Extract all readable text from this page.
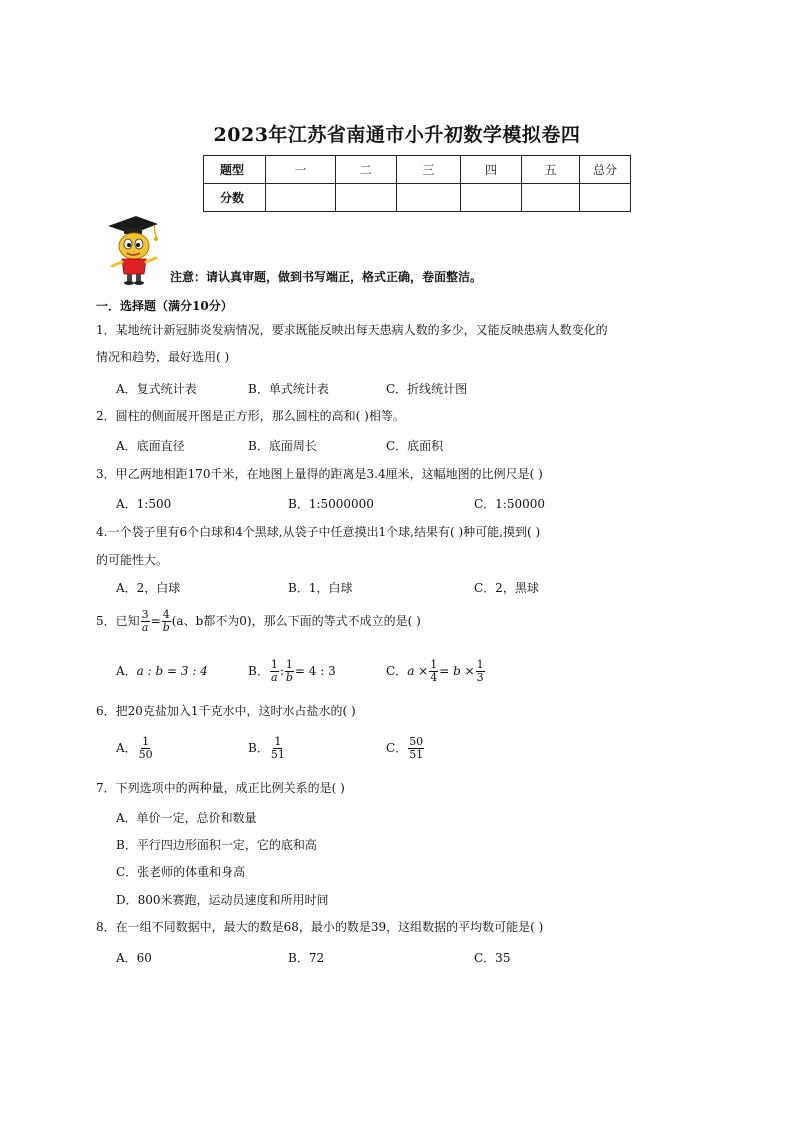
2023年江苏省南通市小升初数学模拟卷四
题型	一	二	三	四	五	总分
分数						
注意：请认真审题，做到书写端正，格式正确，卷面整洁。
一．选择题（满分10分）
1．某地统计新冠肺炎发病情况，要求既能反映出每天患病人数的多少，又能反映患病人数变化的
情况和趋势，最好选用( )
A．复式统计表	B．单式统计表	C．折线统计图
2．圆柱的侧面展开图是正方形，那么圆柱的高和( )相等。
A．底面直径	B．底面周长	C．底面积
3．甲乙两地相距170千米，在地图上量得的距离是3.4厘米，这幅地图的比例尺是( )
A．1:500	B．1:5000000	C．1:50000
4.一个袋子里有6个白球和4个黑球,从袋子中任意摸出1个球,结果有( )种可能,摸到( )
的可能性大。
A．2，白球	B．1，白球	C．2，黑球
5．已知 $\frac{3}{a} = \frac{4}{b} (a$、b都不为0)，那么下面的等式不成立的是( )
A．a : b = 3 : 4	B． $\frac{1}{a}$ : $\frac{1}{b} = 4$ : 3	C．$a \times \frac{1}{4} = b \times \frac{1}{3}$
6．把20克盐加入1千克水中，这时水占盐水的( )
A． $\frac{1}{50}$	B． $\frac{1}{51}$	C． $\frac{50}{51}$
7．下列选项中的两种量，成正比例关系的是( )
A．单价一定，总价和数量
B．平行四边形面积一定，它的底和高
C．张老师的体重和身高
D．800米赛跑，运动员速度和所用时间
8．在一组不同数据中，最大的数是68，最小的数是39，这组数据的平均数可能是( )
A．60	B．72	C．35
